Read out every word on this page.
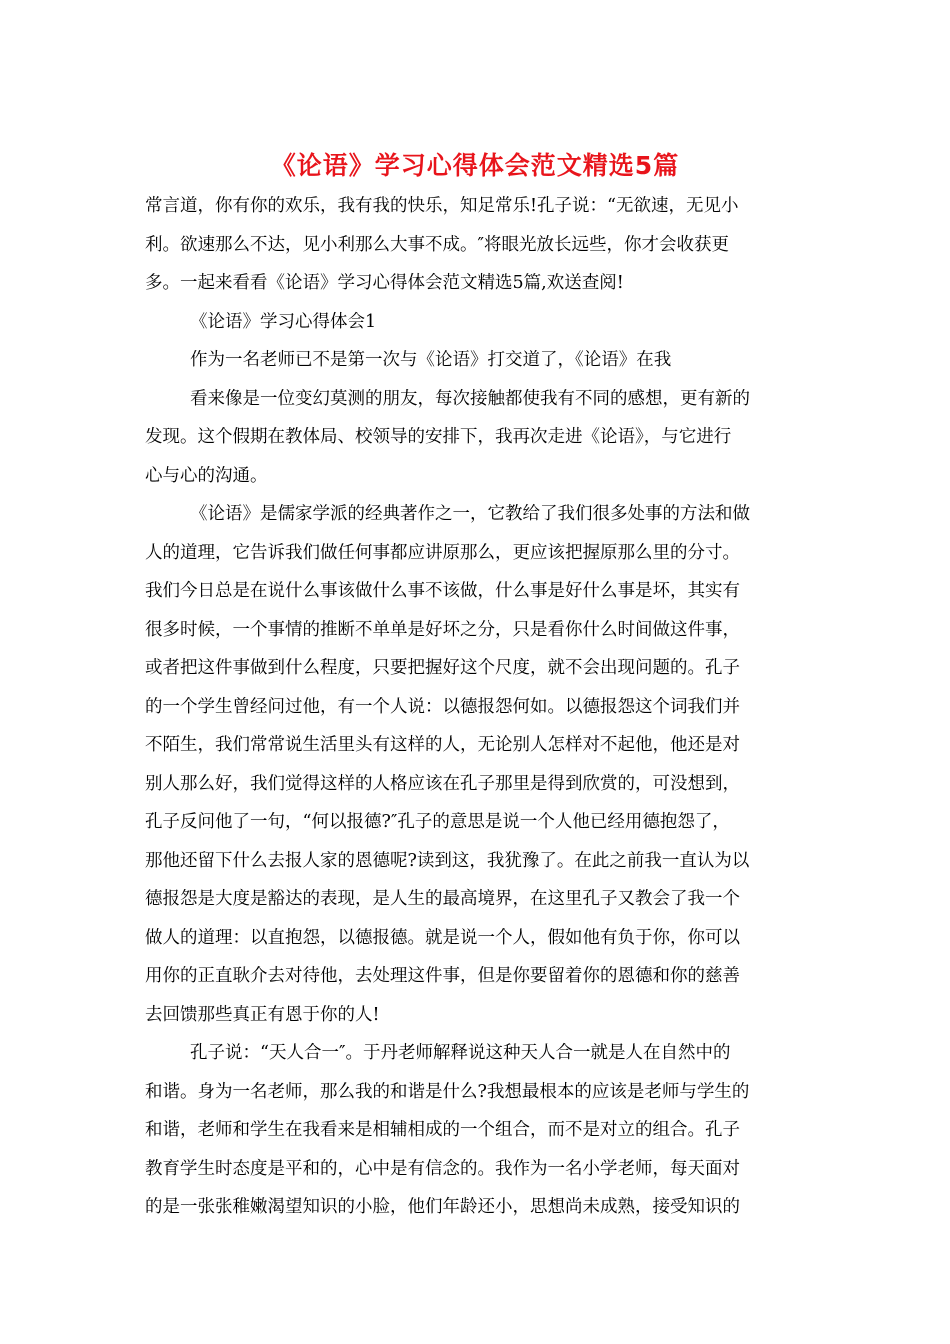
《论语》学习心得体会范文精选5篇
常言道，你有你的欢乐，我有我的快乐，知足常乐!孔子说：“无欲速，无见小
利。欲速那么不达，见小利那么大事不成。″将眼光放长远些，你才会收获更
多。一起来看看《论语》学习心得体会范文精选5篇,欢送查阅!
《论语》学习心得体会1
作为一名老师已不是第一次与《论语》打交道了，《论语》在我
看来像是一位变幻莫测的朋友，每次接触都使我有不同的感想，更有新的
发现。这个假期在教体局、校领导的安排下，我再次走进《论语》，与它进行
心与心的沟通。
《论语》是儒家学派的经典著作之一，它教给了我们很多处事的方法和做
人的道理，它告诉我们做任何事都应讲原那么，更应该把握原那么里的分寸。
我们今日总是在说什么事该做什么事不该做，什么事是好什么事是坏，其实有
很多时候，一个事情的推断不单单是好坏之分，只是看你什么时间做这件事，
或者把这件事做到什么程度，只要把握好这个尺度，就不会出现问题的。孔子
的一个学生曾经问过他，有一个人说：以德报怨何如。以德报怨这个词我们并
不陌生，我们常常说生活里头有这样的人，无论别人怎样对不起他，他还是对
别人那么好，我们觉得这样的人格应该在孔子那里是得到欣赏的，可没想到，
孔子反问他了一句，“何以报德?″孔子的意思是说一个人他已经用德抱怨了，
那他还留下什么去报人家的恩德呢?读到这，我犹豫了。在此之前我一直认为以
德报怨是大度是豁达的表现，是人生的最高境界，在这里孔子又教会了我一个
做人的道理：以直抱怨，以德报德。就是说一个人，假如他有负于你，你可以
用你的正直耿介去对待他，去处理这件事，但是你要留着你的恩德和你的慈善
去回馈那些真正有恩于你的人!
孔子说：“天人合一″。于丹老师解释说这种天人合一就是人在自然中的
和谐。身为一名老师，那么我的和谐是什么?我想最根本的应该是老师与学生的
和谐，老师和学生在我看来是相辅相成的一个组合，而不是对立的组合。孔子
教育学生时态度是平和的，心中是有信念的。我作为一名小学老师，每天面对
的是一张张稚嫩渴望知识的小脸，他们年龄还小，思想尚未成熟，接受知识的
